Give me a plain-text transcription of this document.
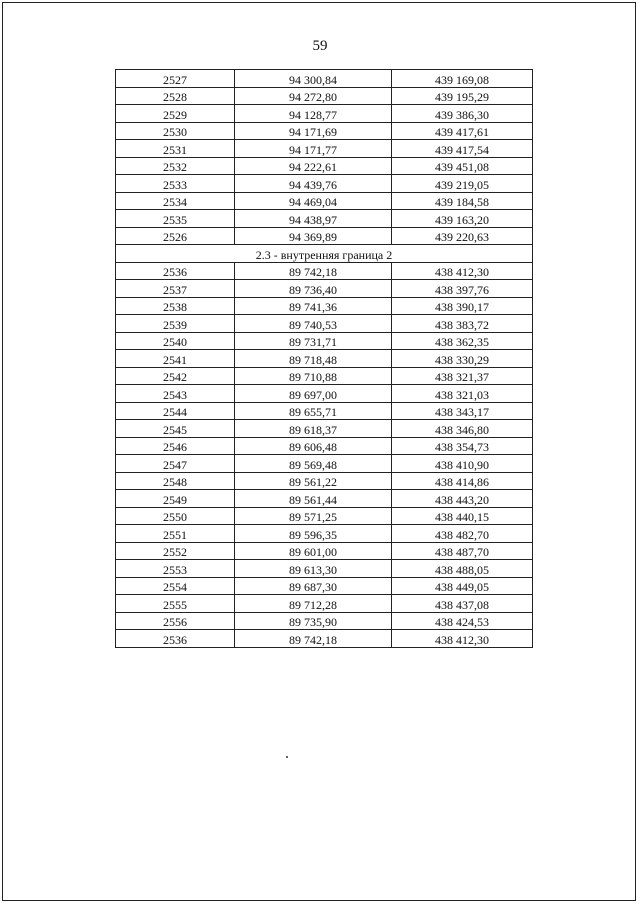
59
2527	94 300,84	439 169,08
2528	94 272,80	439 195,29
2529	94 128,77	439 386,30
2530	94 171,69	439 417,61
2531	94 171,77	439 417,54
2532	94 222,61	439 451,08
2533	94 439,76	439 219,05
2534	94 469,04	439 184,58
2535	94 438,97	439 163,20
2526	94 369,89	439 220,63
2.3 - внутренняя граница 2		
2536	89 742,18	438 412,30
2537	89 736,40	438 397,76
2538	89 741,36	438 390,17
2539	89 740,53	438 383,72
2540	89 731,71	438 362,35
2541	89 718,48	438 330,29
2542	89 710,88	438 321,37
2543	89 697,00	438 321,03
2544	89 655,71	438 343,17
2545	89 618,37	438 346,80
2546	89 606,48	438 354,73
2547	89 569,48	438 410,90
2548	89 561,22	438 414,86
2549	89 561,44	438 443,20
2550	89 571,25	438 440,15
2551	89 596,35	438 482,70
2552	89 601,00	438 487,70
2553	89 613,30	438 488,05
2554	89 687,30	438 449,05
2555	89 712,28	438 437,08
2556	89 735,90	438 424,53
2536	89 742,18	438 412,30
